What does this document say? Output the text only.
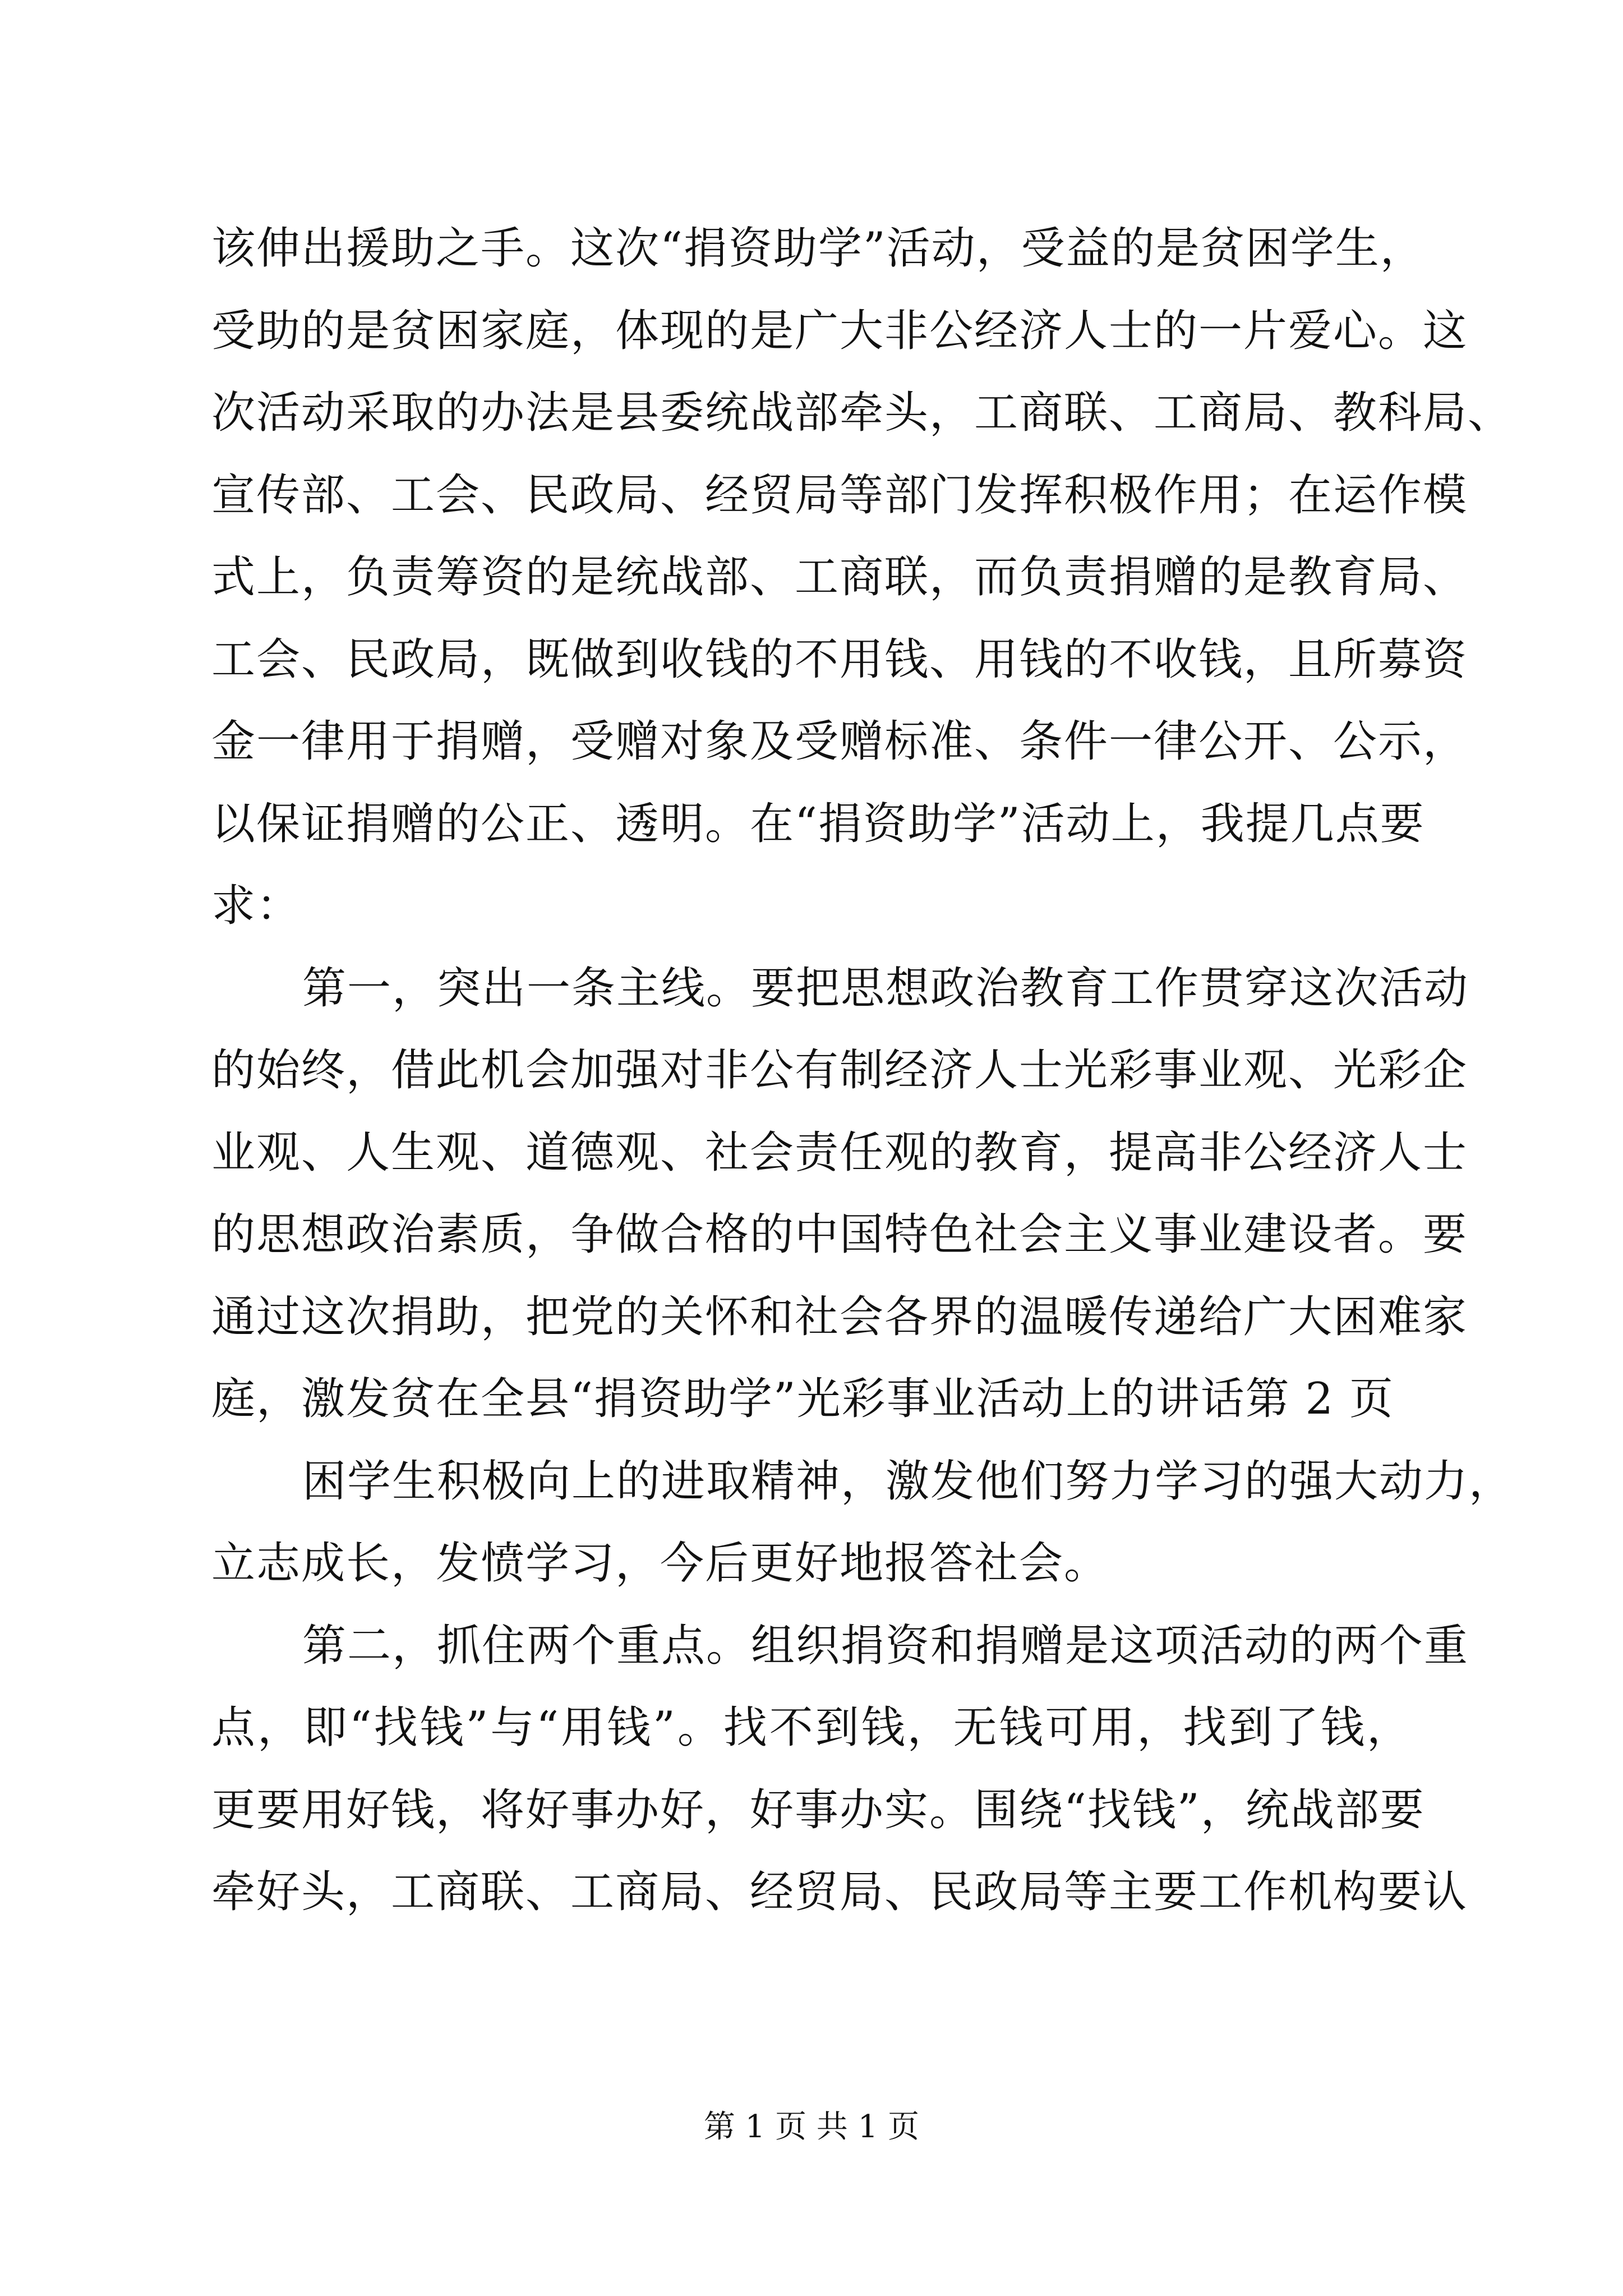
该伸出援助之手。这次“捐资助学”活动，受益的是贫困学生，
受助的是贫困家庭，体现的是广大非公经济人士的一片爱心。这
次活动采取的办法是县委统战部牵头，工商联、工商局、教科局、
宣传部、工会、民政局、经贸局等部门发挥积极作用；在运作模
式上，负责筹资的是统战部、工商联，而负责捐赠的是教育局、
工会、民政局，既做到收钱的不用钱、用钱的不收钱，且所募资
金一律用于捐赠，受赠对象及受赠标准、条件一律公开、公示，
以保证捐赠的公正、透明。在“捐资助学”活动上，我提几点要
求：
第一，突出一条主线。要把思想政治教育工作贯穿这次活动
的始终，借此机会加强对非公有制经济人士光彩事业观、光彩企
业观、人生观、道德观、社会责任观的教育，提高非公经济人士
的思想政治素质，争做合格的中国特色社会主义事业建设者。要
通过这次捐助，把党的关怀和社会各界的温暖传递给广大困难家
庭，激发贫在全县“捐资助学”光彩事业活动上的讲话第 2 页
困学生积极向上的进取精神，激发他们努力学习的强大动力，
立志成长，发愤学习，今后更好地报答社会。
第二，抓住两个重点。组织捐资和捐赠是这项活动的两个重
点，即“找钱”与“用钱”。找不到钱，无钱可用，找到了钱，
更要用好钱，将好事办好，好事办实。围绕“找钱”，统战部要
牵好头，工商联、工商局、经贸局、民政局等主要工作机构要认
第 1 页 共 1 页
